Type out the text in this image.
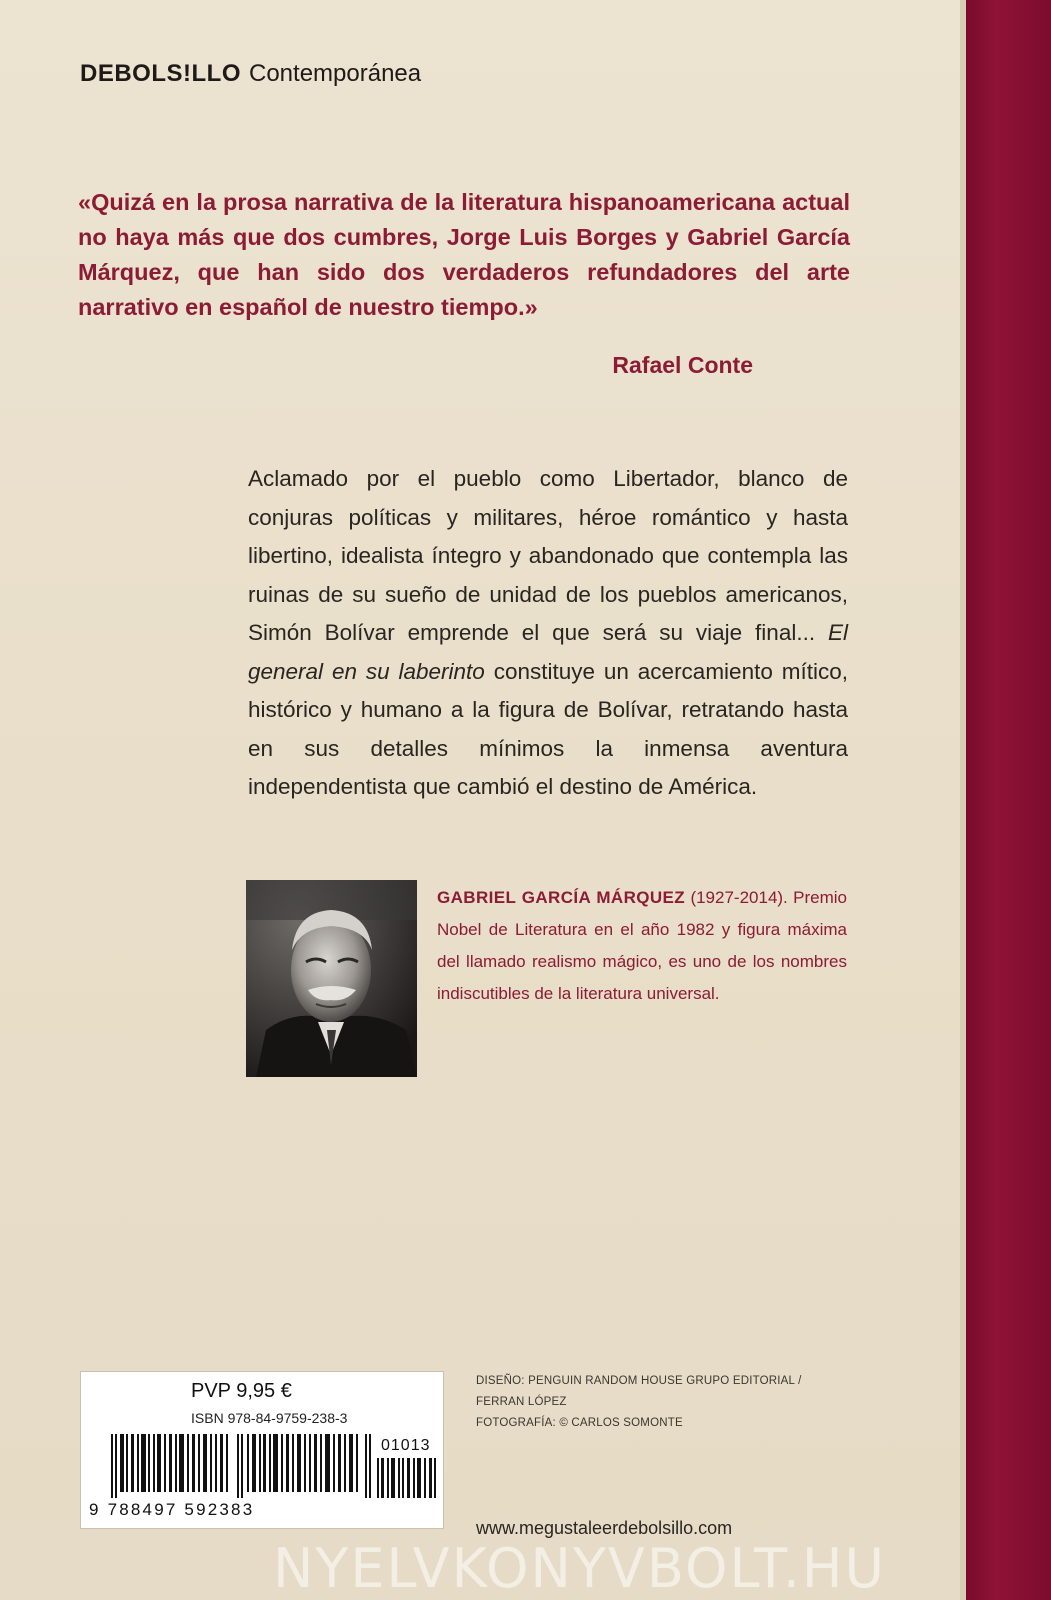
DEBOLS!LLO Contemporánea
«Quizá en la prosa narrativa de la literatura hispanoamericana actual no haya más que dos cumbres, Jorge Luis Borges y Gabriel García Márquez, que han sido dos verdaderos refundadores del arte narrativo en español de nuestro tiempo.»
Rafael Conte
Aclamado por el pueblo como Libertador, blanco de conjuras políticas y militares, héroe romántico y hasta libertino, idealista íntegro y abandonado que contempla las ruinas de su sueño de unidad de los pueblos americanos, Simón Bolívar emprende el que será su viaje final... El general en su laberinto constituye un acercamiento mítico, histórico y humano a la figura de Bolívar, retratando hasta en sus detalles mínimos la inmensa aventura independentista que cambió el destino de América.
GABRIEL GARCÍA MÁRQUEZ (1927-2014). Premio Nobel de Literatura en el año 1982 y figura máxima del llamado realismo mágico, es uno de los nombres indiscutibles de la literatura universal.
PVP 9,95 €
ISBN 978-84-9759-238-3
01013
9 788497 592383
DISEÑO: PENGUIN RANDOM HOUSE GRUPO EDITORIAL /
FERRAN LÓPEZ
FOTOGRAFÍA: © CARLOS SOMONTE
www.megustaleerdebolsillo.com
NYELVKONYVBOLT.HU
